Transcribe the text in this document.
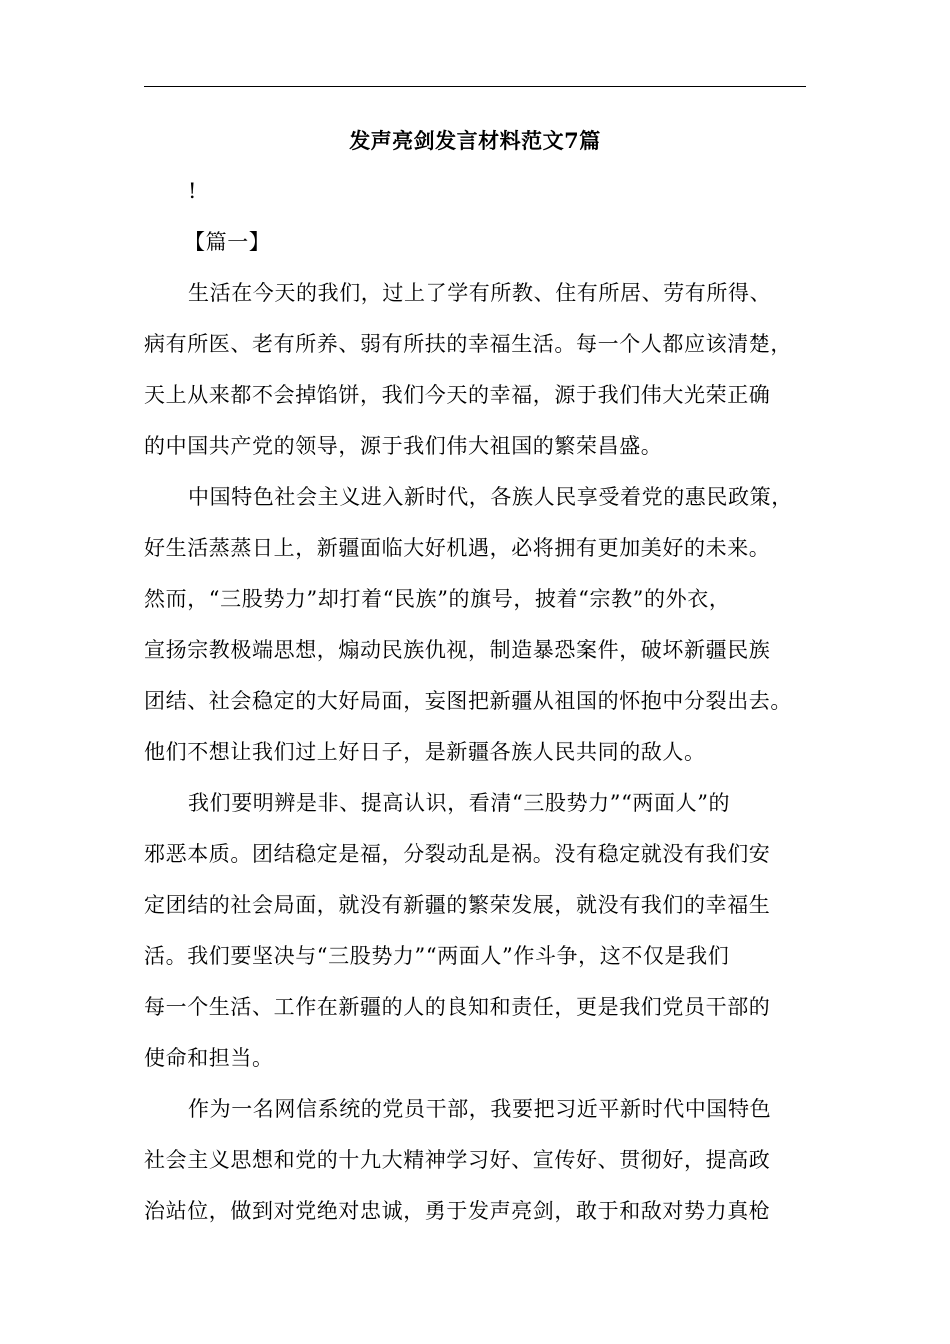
发声亮剑发言材料范文7篇
!
【篇一】
生活在今天的我们，过上了学有所教、住有所居、劳有所得、
病有所医、老有所养、弱有所扶的幸福生活。每一个人都应该清楚，
天上从来都不会掉馅饼，我们今天的幸福，源于我们伟大光荣正确
的中国共产党的领导，源于我们伟大祖国的繁荣昌盛。
中国特色社会主义进入新时代，各族人民享受着党的惠民政策，
好生活蒸蒸日上，新疆面临大好机遇，必将拥有更加美好的未来。
然而，“三股势力”却打着“民族”的旗号，披着“宗教”的外衣，
宣扬宗教极端思想，煽动民族仇视，制造暴恐案件，破坏新疆民族
团结、社会稳定的大好局面，妄图把新疆从祖国的怀抱中分裂出去。
他们不想让我们过上好日子，是新疆各族人民共同的敌人。
我们要明辨是非、提高认识，看清“三股势力”“两面人”的
邪恶本质。团结稳定是福，分裂动乱是祸。没有稳定就没有我们安
定团结的社会局面，就没有新疆的繁荣发展，就没有我们的幸福生
活。我们要坚决与“三股势力”“两面人”作斗争，这不仅是我们
每一个生活、工作在新疆的人的良知和责任，更是我们党员干部的
使命和担当。
作为一名网信系统的党员干部，我要把习近平新时代中国特色
社会主义思想和党的十九大精神学习好、宣传好、贯彻好，提高政
治站位，做到对党绝对忠诚，勇于发声亮剑，敢于和敌对势力真枪
